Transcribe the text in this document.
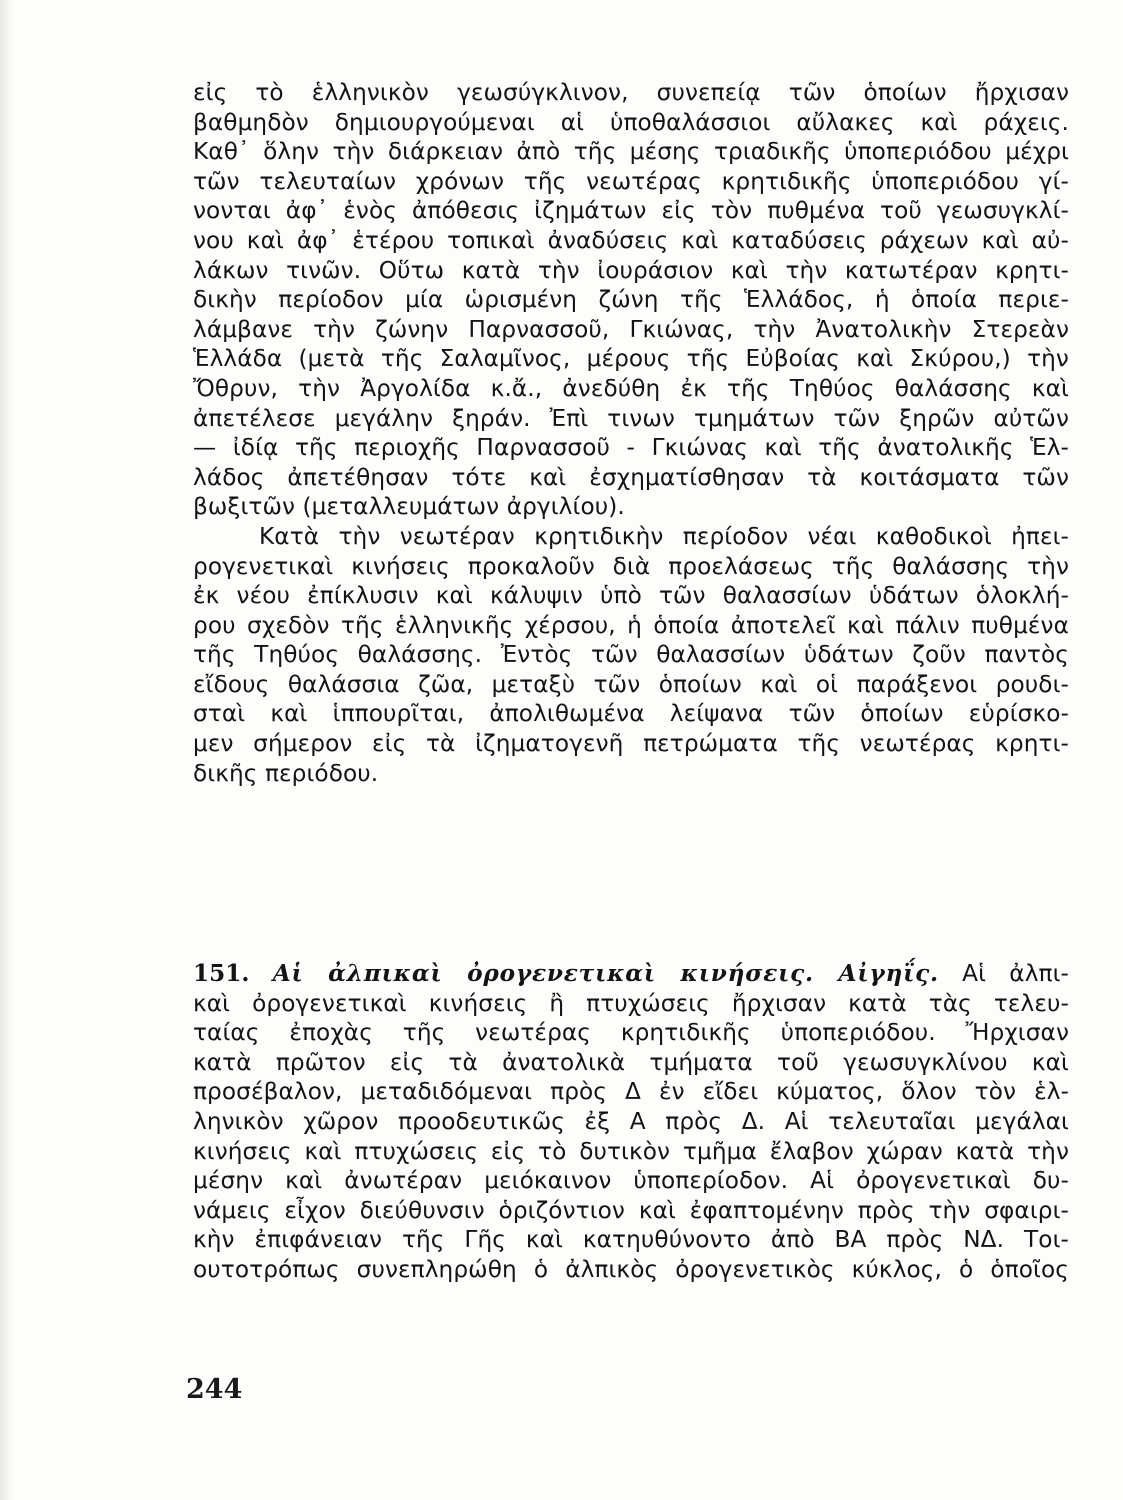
εἰς τὸ ἑλληνικὸν γεωσύγκλινον, συνεπείᾳ τῶν ὁποίων ἤρχισαν
βαθμηδὸν δημιουργούμεναι αἱ ὑποθαλάσσιοι αὔλακες καὶ ράχεις.
Καθ᾿ ὅλην τὴν διάρκειαν ἀπὸ τῆς μέσης τριαδικῆς ὑποπεριόδου μέχρι
τῶν τελευταίων χρόνων τῆς νεωτέρας κρητιδικῆς ὑποπεριόδου γί-
νονται ἀφ᾿ ἑνὸς ἀπόθεσις ἰζημάτων εἰς τὸν πυθμένα τοῦ γεωσυγκλί-
νου καὶ ἀφ᾿ ἑτέρου τοπικαὶ ἀναδύσεις καὶ καταδύσεις ράχεων καὶ αὐ-
λάκων τινῶν. Οὕτω κατὰ τὴν ἰουράσιον καὶ τὴν κατωτέραν κρητι-
δικὴν περίοδον μία ὡρισμένη ζώνη τῆς Ἑλλάδος, ἡ ὁποία περιε-
λάμβανε τὴν ζώνην Παρνασσοῦ, Γκιώνας, τὴν Ἀνατολικὴν Στερεὰν
Ἑλλάδα (μετὰ τῆς Σαλαμῖνος, μέρους τῆς Εὐβοίας καὶ Σκύρου,) τὴν
Ὄθρυν, τὴν Ἀργολίδα κ.ἄ., ἀνεδύθη ἐκ τῆς Τηθύος θαλάσσης καὶ
ἀπετέλεσε μεγάλην ξηράν. Ἐπὶ τινων τμημάτων τῶν ξηρῶν αὐτῶν
— ἰδίᾳ τῆς περιοχῆς Παρνασσοῦ - Γκιώνας καὶ τῆς ἀνατολικῆς Ἑλ-
λάδος ἀπετέθησαν τότε καὶ ἐσχηματίσθησαν τὰ κοιτάσματα τῶν
βωξιτῶν (μεταλλευμάτων ἀργιλίου).
Κατὰ τὴν νεωτέραν κρητιδικὴν περίοδον νέαι καθοδικοὶ ἠπει-
ρογενετικαὶ κινήσεις προκαλοῦν διὰ προελάσεως τῆς θαλάσσης τὴν
ἐκ νέου ἐπίκλυσιν καὶ κάλυψιν ὑπὸ τῶν θαλασσίων ὑδάτων ὁλοκλή-
ρου σχεδὸν τῆς ἑλληνικῆς χέρσου, ἡ ὁποία ἀποτελεῖ καὶ πάλιν πυθμένα
τῆς Τηθύος θαλάσσης. Ἐντὸς τῶν θαλασσίων ὑδάτων ζοῦν παντὸς
εἴδους θαλάσσια ζῶα, μεταξὺ τῶν ὁποίων καὶ οἱ παράξενοι ρουδι-
σταὶ καὶ ἱππουρῖται, ἀπολιθωμένα λείψανα τῶν ὁποίων εὑρίσκο-
μεν σήμερον εἰς τὰ ἰζηματογενῆ πετρώματα τῆς νεωτέρας κρητι-
δικῆς περιόδου.
151. Αἱ ἀλπικαὶ ὀρογενετικαὶ κινήσεις. Αἰγηΐς. Αἱ ἀλπι-
καὶ ὀρογενετικαὶ κινήσεις ἢ πτυχώσεις ἤρχισαν κατὰ τὰς τελευ-
ταίας ἐποχὰς τῆς νεωτέρας κρητιδικῆς ὑποπεριόδου. Ἤρχισαν
κατὰ πρῶτον εἰς τὰ ἀνατολικὰ τμήματα τοῦ γεωσυγκλίνου καὶ
προσέβαλον, μεταδιδόμεναι πρὸς Δ ἐν εἴδει κύματος, ὅλον τὸν ἑλ-
ληνικὸν χῶρον προοδευτικῶς ἐξ Α πρὸς Δ. Αἱ τελευταῖαι μεγάλαι
κινήσεις καὶ πτυχώσεις εἰς τὸ δυτικὸν τμῆμα ἔλαβον χώραν κατὰ τὴν
μέσην καὶ ἀνωτέραν μειόκαινον ὑποπερίοδον. Αἱ ὀρογενετικαὶ δυ-
νάμεις εἶχον διεύθυνσιν ὁριζόντιον καὶ ἐφαπτομένην πρὸς τὴν σφαιρι-
κὴν ἐπιφάνειαν τῆς Γῆς καὶ κατηυθύνοντο ἀπὸ ΒΑ πρὸς ΝΔ. Τοι-
ουτοτρόπως συνεπληρώθη ὁ ἀλπικὸς ὀρογενετικὸς κύκλος, ὁ ὁποῖος
244
